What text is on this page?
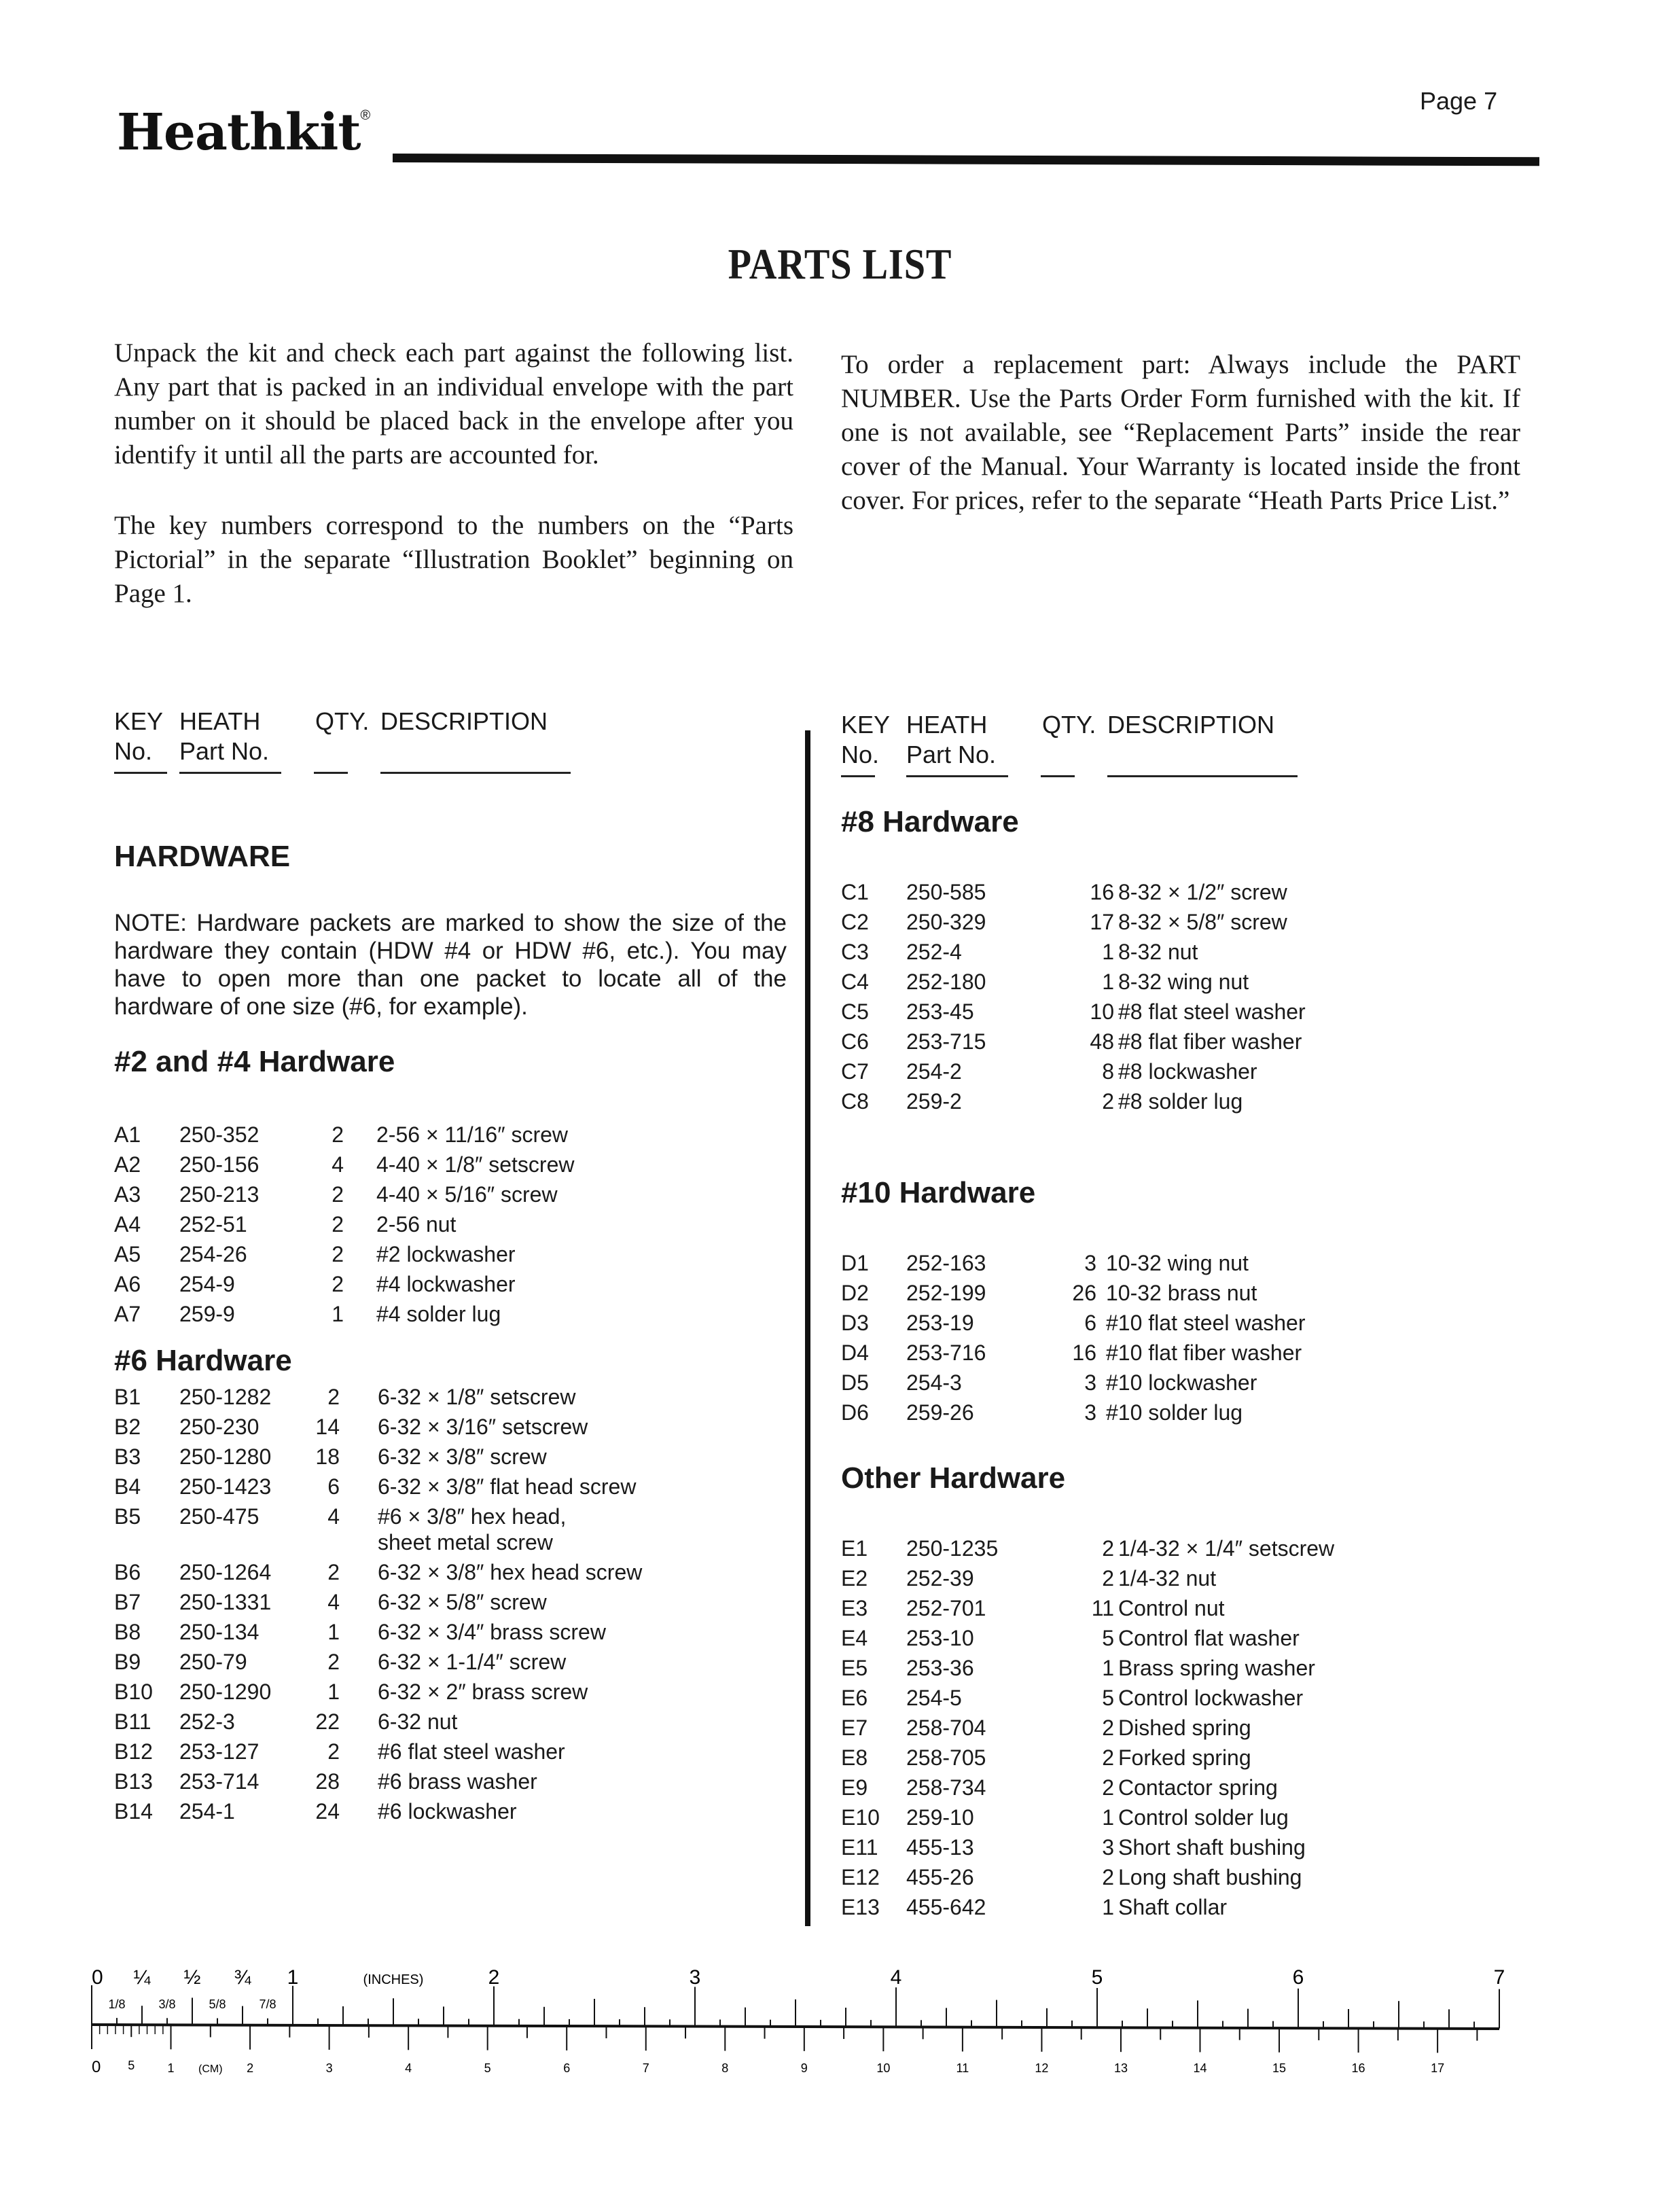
Page 7
Heathkit®
PARTS LIST

Unpack the kit and check each part against the following list. Any part that is packed in an individual envelope with the part number on it should be placed back in the envelope after you identify it until all the parts are accounted for.

The key numbers correspond to the numbers on the “Parts Pictorial” in the separate “Illustration Booklet” beginning on Page 1.

To order a replacement part: Always include the PART NUMBER. Use the Parts Order Form furnished with the kit. If one is not available, see “Replacement Parts” inside the rear cover of the Manual. Your Warranty is located inside the front cover. For prices, refer to the separate “Heath Parts Price List.”

KEY
No.
HEATH
Part No.
QTY. DESCRIPTION
HARDWARE

NOTE: Hardware packets are marked to show the size of the hardware they contain (HDW #4 or HDW #6, etc.). You may have to open more than one packet to locate all of the hardware of one size (#6, for example).

#2 and #4 Hardware
A1 250-352	2 2-56 × 11/16″ screw
A2 250-156	4 4-40 × 1/8″ setscrew
A3 250-213	2 4-40 × 5/16″ screw
A4 252-51	2 2-56 nut
A5 254-26	2 #2 lockwasher
A6 254-9	2 #4 lockwasher
A7 259-9	1 #4 solder lug
#6 Hardware
B1 250-1282	2 6-32 × 1/8″ setscrew
B2 250-230	14 6-32 × 3/16″ setscrew
B3 250-1280	18 6-32 × 3/8″ screw
B4 250-1423	6 6-32 × 3/8″ flat head screw
B5 250-475	4 #6 × 3/8″ hex head,
sheet metal screw
B6 250-1264	2 6-32 × 3/8″ hex head screw
B7 250-1331	4 6-32 × 5/8″ screw
B8 250-134	1 6-32 × 3/4″ brass screw
B9 250-79	2 6-32 × 1-1/4″ screw
B10 250-1290	1 6-32 × 2″ brass screw
B11 252-3	22 6-32 nut
B12 253-127	2 #6 flat steel washer
B13 253-714	28 #6 brass washer
B14 254-1	24 #6 lockwasher
KEY
No.
HEATH
Part No.
QTY. DESCRIPTION
#8 Hardware
C1 250-585	16 8-32 × 1/2″ screw
C2 250-329	17 8-32 × 5/8″ screw
C3 252-4	1 8-32 nut
C4 252-180	1 8-32 wing nut
C5 253-45	10 #8 flat steel washer
C6 253-715	48 #8 flat fiber washer
C7 254-2	8 #8 lockwasher
C8 259-2	2 #8 solder lug
#10 Hardware
D1 252-163	3 10-32 wing nut
D2 252-199	26 10-32 brass nut
D3 253-19	6 #10 flat steel washer
D4 253-716	16 #10 flat fiber washer
D5 254-3	3 #10 lockwasher
D6 259-26	3 #10 solder lug
Other Hardware
E1 250-1235	2 1/4-32 × 1/4″ setscrew
E2 252-39	2 1/4-32 nut
E3 252-701	11 Control nut
E4 253-10	5 Control flat washer
E5 253-36	1 Brass spring washer
E6 254-5	5 Control lockwasher
E7 258-704	2 Dished spring
E8 258-705	2 Forked spring
E9 258-734	2 Contactor spring
E10 259-10	1 Control solder lug
E11 455-13	3 Short shaft bushing
E12 455-26	2 Long shaft bushing
E13 455-642	1 Shaft collar
0 ¼ ½ ¾ 1
1/8	3/8	5/8	7/8
(INCHES)	2	3	4	5	6	7
0 5	(CM)
1	2	3	4	5	6	7	8	9	10	11	12	13	14	15	16	17
